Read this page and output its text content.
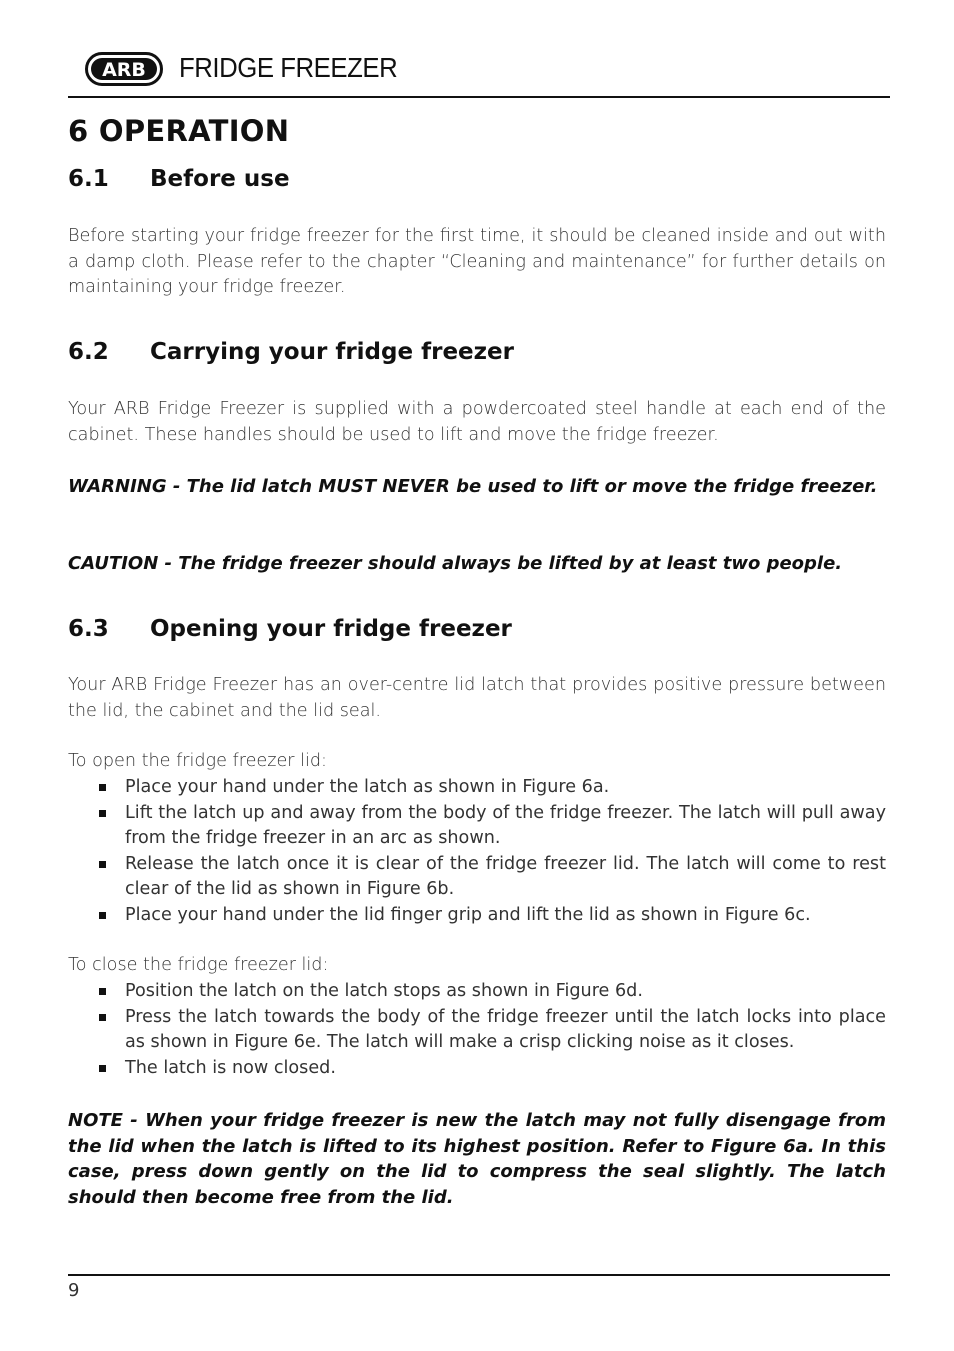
ARB FRIDGE FREEZER
6 OPERATION
6.1 Before use
Before starting your fridge freezer for the first time, it should be cleaned inside and out with a damp cloth. Please refer to the chapter “Cleaning and maintenance” for further details on maintaining your fridge freezer.
6.2 Carrying your fridge freezer
Your ARB Fridge Freezer is supplied with a powdercoated steel handle at each end of the cabinet. These handles should be used to lift and move the fridge freezer.
WARNING - The lid latch MUST NEVER be used to lift or move the fridge freezer.
CAUTION - The fridge freezer should always be lifted by at least two people.
6.3 Opening your fridge freezer
Your ARB Fridge Freezer has an over-centre lid latch that provides positive pressure between the lid, the cabinet and the lid seal.
To open the fridge freezer lid:
Place your hand under the latch as shown in Figure 6a.
Lift the latch up and away from the body of the fridge freezer. The latch will pull away from the fridge freezer in an arc as shown.
Release the latch once it is clear of the fridge freezer lid. The latch will come to rest clear of the lid as shown in Figure 6b.
Place your hand under the lid finger grip and lift the lid as shown in Figure 6c.
To close the fridge freezer lid:
Position the latch on the latch stops as shown in Figure 6d.
Press the latch towards the body of the fridge freezer until the latch locks into place as shown in Figure 6e. The latch will make a crisp clicking noise as it closes.
The latch is now closed.
NOTE - When your fridge freezer is new the latch may not fully disengage from the lid when the latch is lifted to its highest position. Refer to Figure 6a. In this case, press down gently on the lid to compress the seal slightly. The latch should then become free from the lid.
9
